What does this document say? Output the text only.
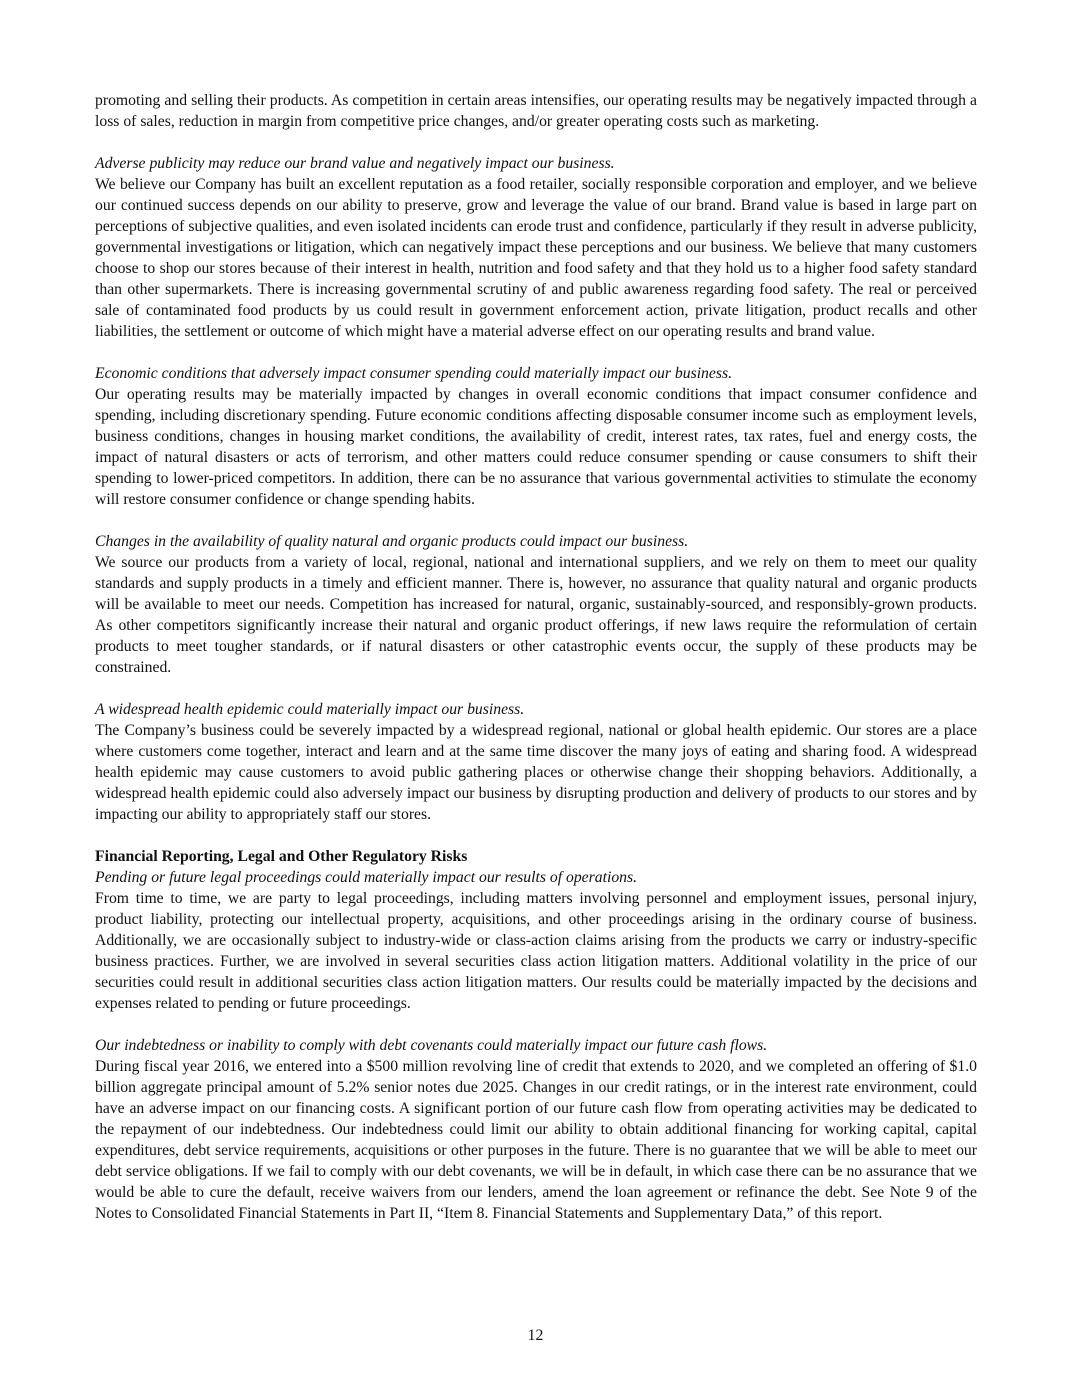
promoting and selling their products. As competition in certain areas intensifies, our operating results may be negatively impacted through a loss of sales, reduction in margin from competitive price changes, and/or greater operating costs such as marketing.

Adverse publicity may reduce our brand value and negatively impact our business.

We believe our Company has built an excellent reputation as a food retailer, socially responsible corporation and employer, and we believe our continued success depends on our ability to preserve, grow and leverage the value of our brand. Brand value is based in large part on perceptions of subjective qualities, and even isolated incidents can erode trust and confidence, particularly if they result in adverse publicity, governmental investigations or litigation, which can negatively impact these perceptions and our business. We believe that many customers choose to shop our stores because of their interest in health, nutrition and food safety and that they hold us to a higher food safety standard than other supermarkets. There is increasing governmental scrutiny of and public awareness regarding food safety. The real or perceived sale of contaminated food products by us could result in government enforcement action, private litigation, product recalls and other liabilities, the settlement or outcome of which might have a material adverse effect on our operating results and brand value.

Economic conditions that adversely impact consumer spending could materially impact our business.

Our operating results may be materially impacted by changes in overall economic conditions that impact consumer confidence and spending, including discretionary spending. Future economic conditions affecting disposable consumer income such as employment levels, business conditions, changes in housing market conditions, the availability of credit, interest rates, tax rates, fuel and energy costs, the impact of natural disasters or acts of terrorism, and other matters could reduce consumer spending or cause consumers to shift their spending to lower-priced competitors. In addition, there can be no assurance that various governmental activities to stimulate the economy will restore consumer confidence or change spending habits.

Changes in the availability of quality natural and organic products could impact our business.

We source our products from a variety of local, regional, national and international suppliers, and we rely on them to meet our quality standards and supply products in a timely and efficient manner. There is, however, no assurance that quality natural and organic products will be available to meet our needs. Competition has increased for natural, organic, sustainably-sourced, and responsibly-grown products. As other competitors significantly increase their natural and organic product offerings, if new laws require the reformulation of certain products to meet tougher standards, or if natural disasters or other catastrophic events occur, the supply of these products may be constrained.

A widespread health epidemic could materially impact our business.

The Company’s business could be severely impacted by a widespread regional, national or global health epidemic. Our stores are a place where customers come together, interact and learn and at the same time discover the many joys of eating and sharing food. A widespread health epidemic may cause customers to avoid public gathering places or otherwise change their shopping behaviors. Additionally, a widespread health epidemic could also adversely impact our business by disrupting production and delivery of products to our stores and by impacting our ability to appropriately staff our stores.

Financial Reporting, Legal and Other Regulatory Risks

Pending or future legal proceedings could materially impact our results of operations.

From time to time, we are party to legal proceedings, including matters involving personnel and employment issues, personal injury, product liability, protecting our intellectual property, acquisitions, and other proceedings arising in the ordinary course of business. Additionally, we are occasionally subject to industry-wide or class-action claims arising from the products we carry or industry-specific business practices. Further, we are involved in several securities class action litigation matters. Additional volatility in the price of our securities could result in additional securities class action litigation matters. Our results could be materially impacted by the decisions and expenses related to pending or future proceedings.

Our indebtedness or inability to comply with debt covenants could materially impact our future cash flows.

During fiscal year 2016, we entered into a $500 million revolving line of credit that extends to 2020, and we completed an offering of $1.0 billion aggregate principal amount of 5.2% senior notes due 2025. Changes in our credit ratings, or in the interest rate environment, could have an adverse impact on our financing costs. A significant portion of our future cash flow from operating activities may be dedicated to the repayment of our indebtedness. Our indebtedness could limit our ability to obtain additional financing for working capital, capital expenditures, debt service requirements, acquisitions or other purposes in the future. There is no guarantee that we will be able to meet our debt service obligations. If we fail to comply with our debt covenants, we will be in default, in which case there can be no assurance that we would be able to cure the default, receive waivers from our lenders, amend the loan agreement or refinance the debt. See Note 9 of the Notes to Consolidated Financial Statements in Part II, “Item 8. Financial Statements and Supplementary Data,” of this report.

12
